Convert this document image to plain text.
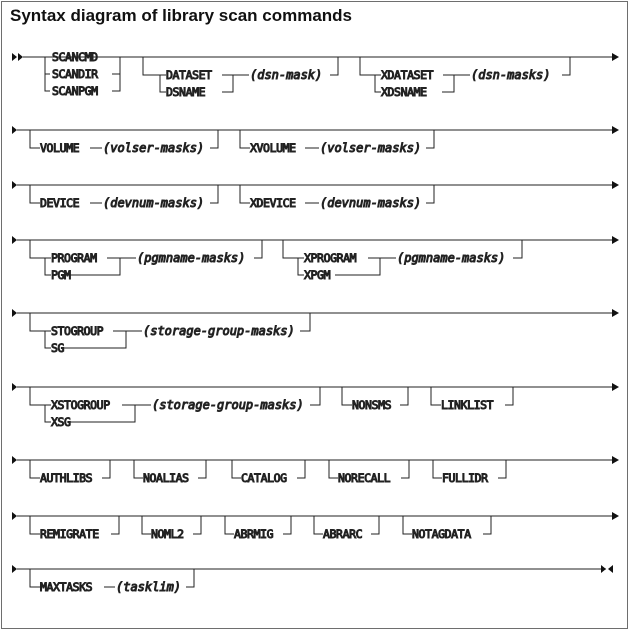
Syntax diagram of library scan commands
SCANCMD
SCANDIR
SCANPGM
DATASET
DSNAME
(dsn-mask)	XDATASET
XDSNAME
(dsn-masks)
VOLUME (volser-masks)	XVOLUME (volser-masks)
DEVICE (devnum-masks)	XDEVICE (devnum-masks)
PROGRAM
PGM
(pgmname-masks)	XPROGRAM
XPGM
(pgmname-masks)
STOGROUP
SG
(storage-group-masks)
XSTOGROUP
XSG
(storage-group-masks)	NONSMS	LINKLIST
AUTHLIBS	NOALIAS	CATALOG	NORECALL	FULLIDR
REMIGRATE	NOML2	ABRMIG	ABRARC	NOTAGDATA
MAXTASKS (tasklim)
